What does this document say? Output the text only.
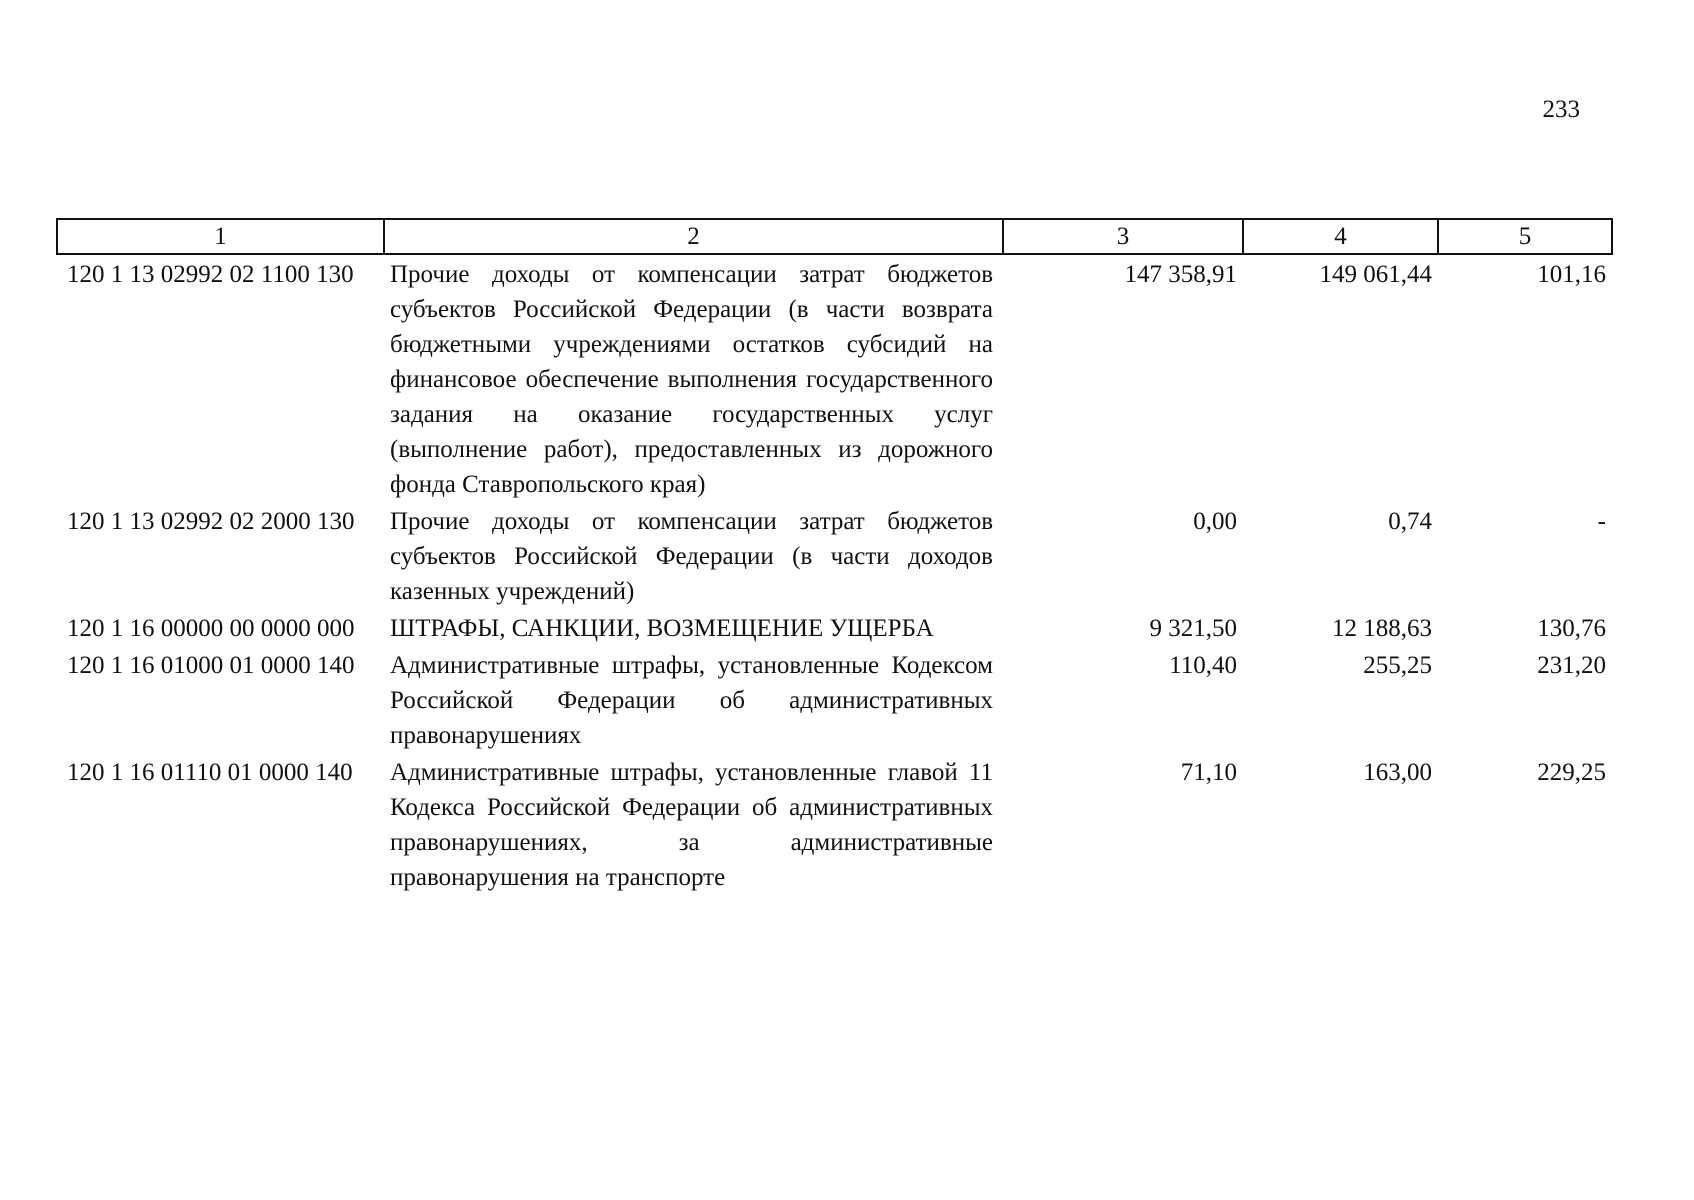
233
1	2	3	4	5
120 1 13 02992 02 1100 130	Прочие доходы от компенсации затрат бюджетов субъектов Российской Федерации (в части возврата бюджетными учреждениями остатков субсидий на финансовое обеспечение выполнения государственного задания на оказание государственных услуг (выполнение работ), предоставленных из дорожного фонда Ставропольского края)	147 358,91	149 061,44	101,16
120 1 13 02992 02 2000 130	Прочие доходы от компенсации затрат бюджетов субъектов Российской Федерации (в части доходов казенных учреждений)	0,00	0,74	-
120 1 16 00000 00 0000 000	ШТРАФЫ, САНКЦИИ, ВОЗМЕЩЕНИЕ УЩЕРБА	9 321,50	12 188,63	130,76
120 1 16 01000 01 0000 140	Административные штрафы, установленные Кодексом Российской Федерации об административных правонарушениях	110,40	255,25	231,20
120 1 16 01110 01 0000 140	Административные штрафы, установленные главой 11 Кодекса Российской Федерации об административных правонарушениях, за административные правонарушения на транспорте	71,10	163,00	229,25
